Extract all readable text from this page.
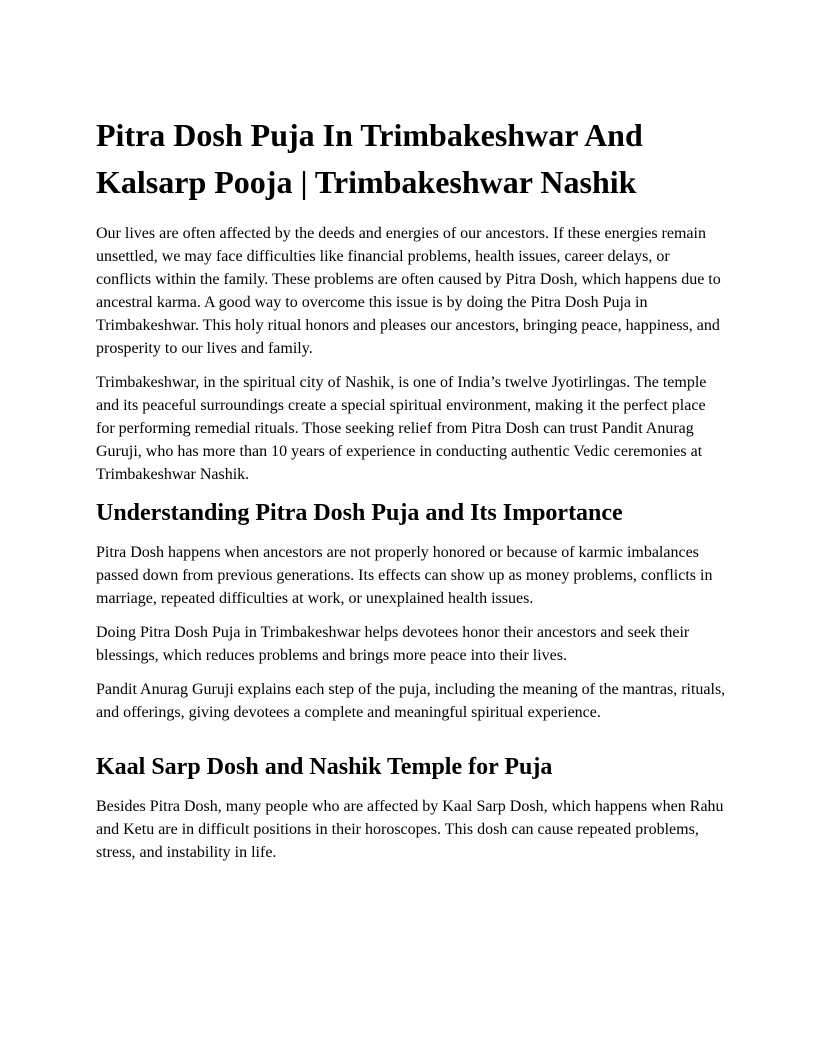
Pitra Dosh Puja In Trimbakeshwar And Kalsarp Pooja | Trimbakeshwar Nashik

Our lives are often affected by the deeds and energies of our ancestors. If these energies remain unsettled, we may face difficulties like financial problems, health issues, career delays, or conflicts within the family. These problems are often caused by Pitra Dosh, which happens due to ancestral karma. A good way to overcome this issue is by doing the Pitra Dosh Puja in Trimbakeshwar. This holy ritual honors and pleases our ancestors, bringing peace, happiness, and prosperity to our lives and family.

Trimbakeshwar, in the spiritual city of Nashik, is one of India’s twelve Jyotirlingas. The temple and its peaceful surroundings create a special spiritual environment, making it the perfect place for performing remedial rituals. Those seeking relief from Pitra Dosh can trust Pandit Anurag Guruji, who has more than 10 years of experience in conducting authentic Vedic ceremonies at Trimbakeshwar Nashik.

Understanding Pitra Dosh Puja and Its Importance

Pitra Dosh happens when ancestors are not properly honored or because of karmic imbalances passed down from previous generations. Its effects can show up as money problems, conflicts in marriage, repeated difficulties at work, or unexplained health issues.

Doing Pitra Dosh Puja in Trimbakeshwar helps devotees honor their ancestors and seek their blessings, which reduces problems and brings more peace into their lives.

Pandit Anurag Guruji explains each step of the puja, including the meaning of the mantras, rituals, and offerings, giving devotees a complete and meaningful spiritual experience.

Kaal Sarp Dosh and Nashik Temple for Puja

Besides Pitra Dosh, many people who are affected by Kaal Sarp Dosh, which happens when Rahu and Ketu are in difficult positions in their horoscopes. This dosh can cause repeated problems, stress, and instability in life.
